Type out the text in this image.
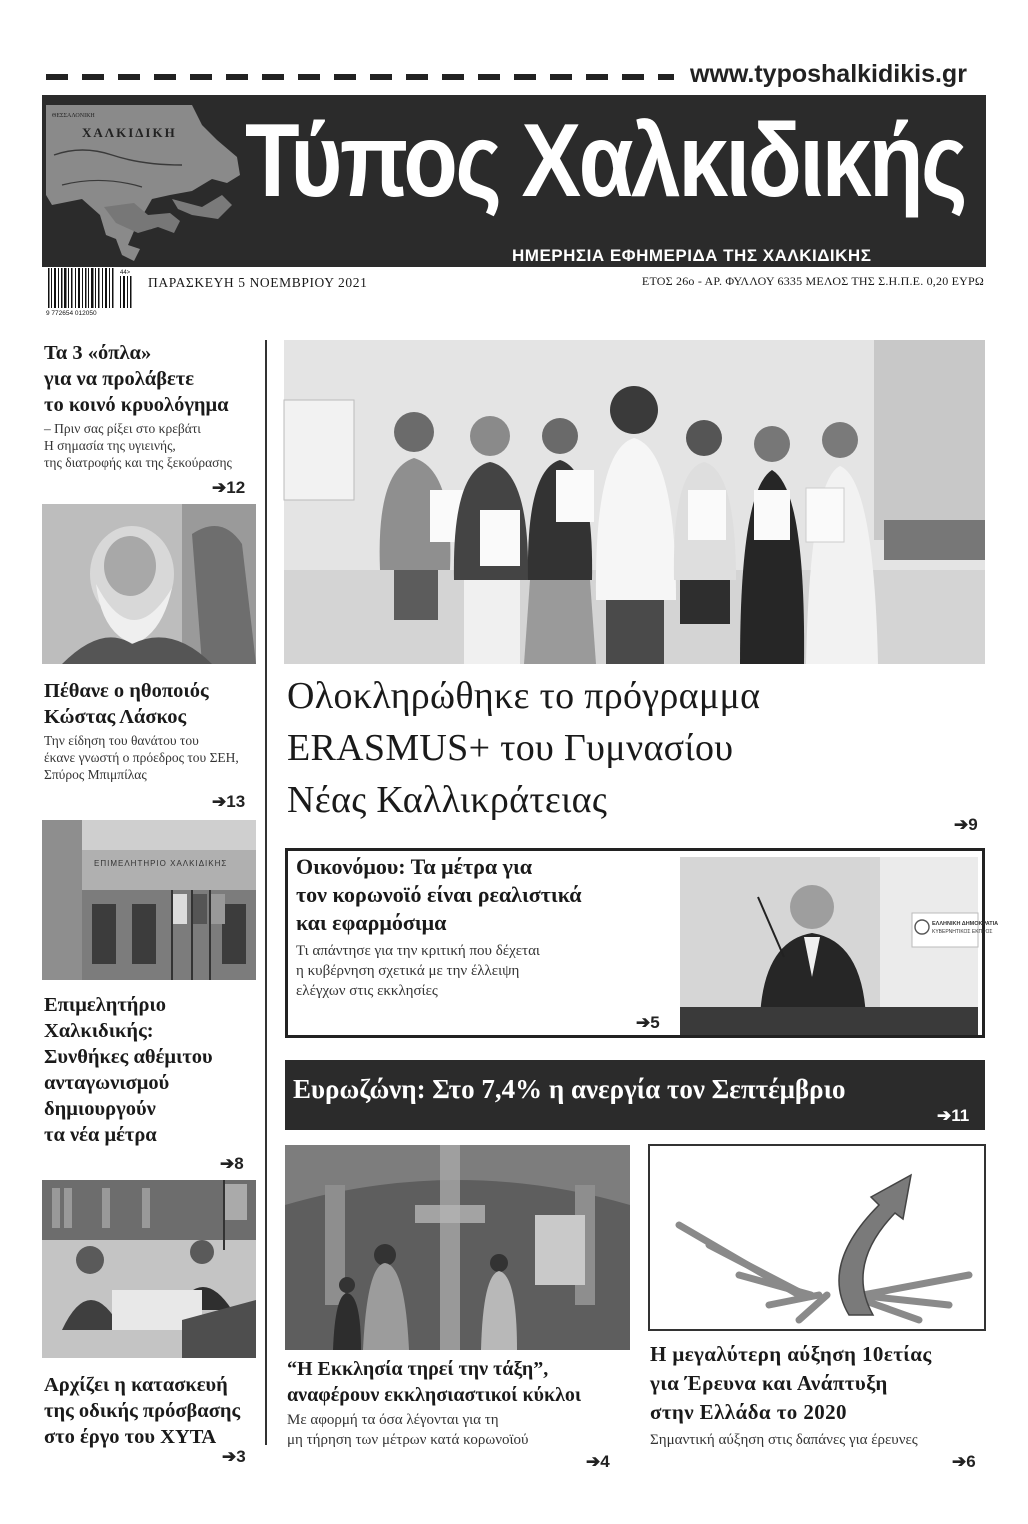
www.typoshalkidikis.gr
ΘΕΣΣΑΛΟΝΙΚΗ
ΧΑΛΚΙΔΙΚΗ Τύπος Χαλκιδικής
ΗΜΕΡΗΣΙΑ ΕΦΗΜΕΡΙΔΑ ΤΗΣ ΧΑΛΚΙΔΙΚΗΣ
9 772654 012050
44>
ΠΑΡΑΣΚΕΥΗ 5 ΝΟΕΜΒΡΙΟΥ 2021	ΕΤΟΣ 26ο - ΑΡ. ΦΥΛΛΟΥ 6335 ΜΕΛΟΣ ΤΗΣ Σ.Η.Π.Ε. 0,20 ΕΥΡΩ
Τα 3 «όπλα»
για να προλάβετε
το κοινό κρυολόγημα
– Πριν σας ρίξει στο κρεβάτι
Η σημασία της υγιεινής,
της διατροφής και της ξεκούρασης
➔12
Πέθανε ο ηθοποιός
Κώστας Λάσκος
Την είδηση του θανάτου του
έκανε γνωστή ο πρόεδρος του ΣΕΗ,
Σπύρος Μπιμπίλας
➔13
ΕΠΙΜΕΛΗΤΗΡΙΟ ΧΑΛΚΙΔΙΚΗΣ
Επιμελητήριο
Χαλκιδικής:
Συνθήκες αθέμιτου
ανταγωνισμού
δημιουργούν
τα νέα μέτρα
➔8
Αρχίζει η κατασκευή
της οδικής πρόσβασης
στο έργο του ΧΥΤΑ
➔3
Ολοκληρώθηκε το πρόγραμμα
ERASMUS+ του Γυμνασίου
Νέας Καλλικράτειας
➔9
Οικονόμου: Τα μέτρα για
τον κορωνοϊό είναι ρεαλιστικά
και εφαρμόσιμα
Τι απάντησε για την κριτική που δέχεται
η κυβέρνηση σχετικά με την έλλειψη
ελέγχων στις εκκλησίες
➔5
ΕΛΛΗΝΙΚΗ ΔΗΜΟΚΡΑΤΙΑ
ΚΥΒΕΡΝΗΤΙΚΟΣ ΕΚΠΡΟΣ
Ευρωζώνη: Στο 7,4% η ανεργία τον Σεπτέμβριο
➔11
“Η Εκκλησία τηρεί την τάξη”,
αναφέρουν εκκλησιαστικοί κύκλοι
Με αφορμή τα όσα λέγονται για τη
μη τήρηση των μέτρων κατά κορωνοϊού
➔4
Η μεγαλύτερη αύξηση 10ετίας
για Έρευνα και Ανάπτυξη
στην Ελλάδα το 2020
Σημαντική αύξηση στις δαπάνες για έρευνες
➔6
